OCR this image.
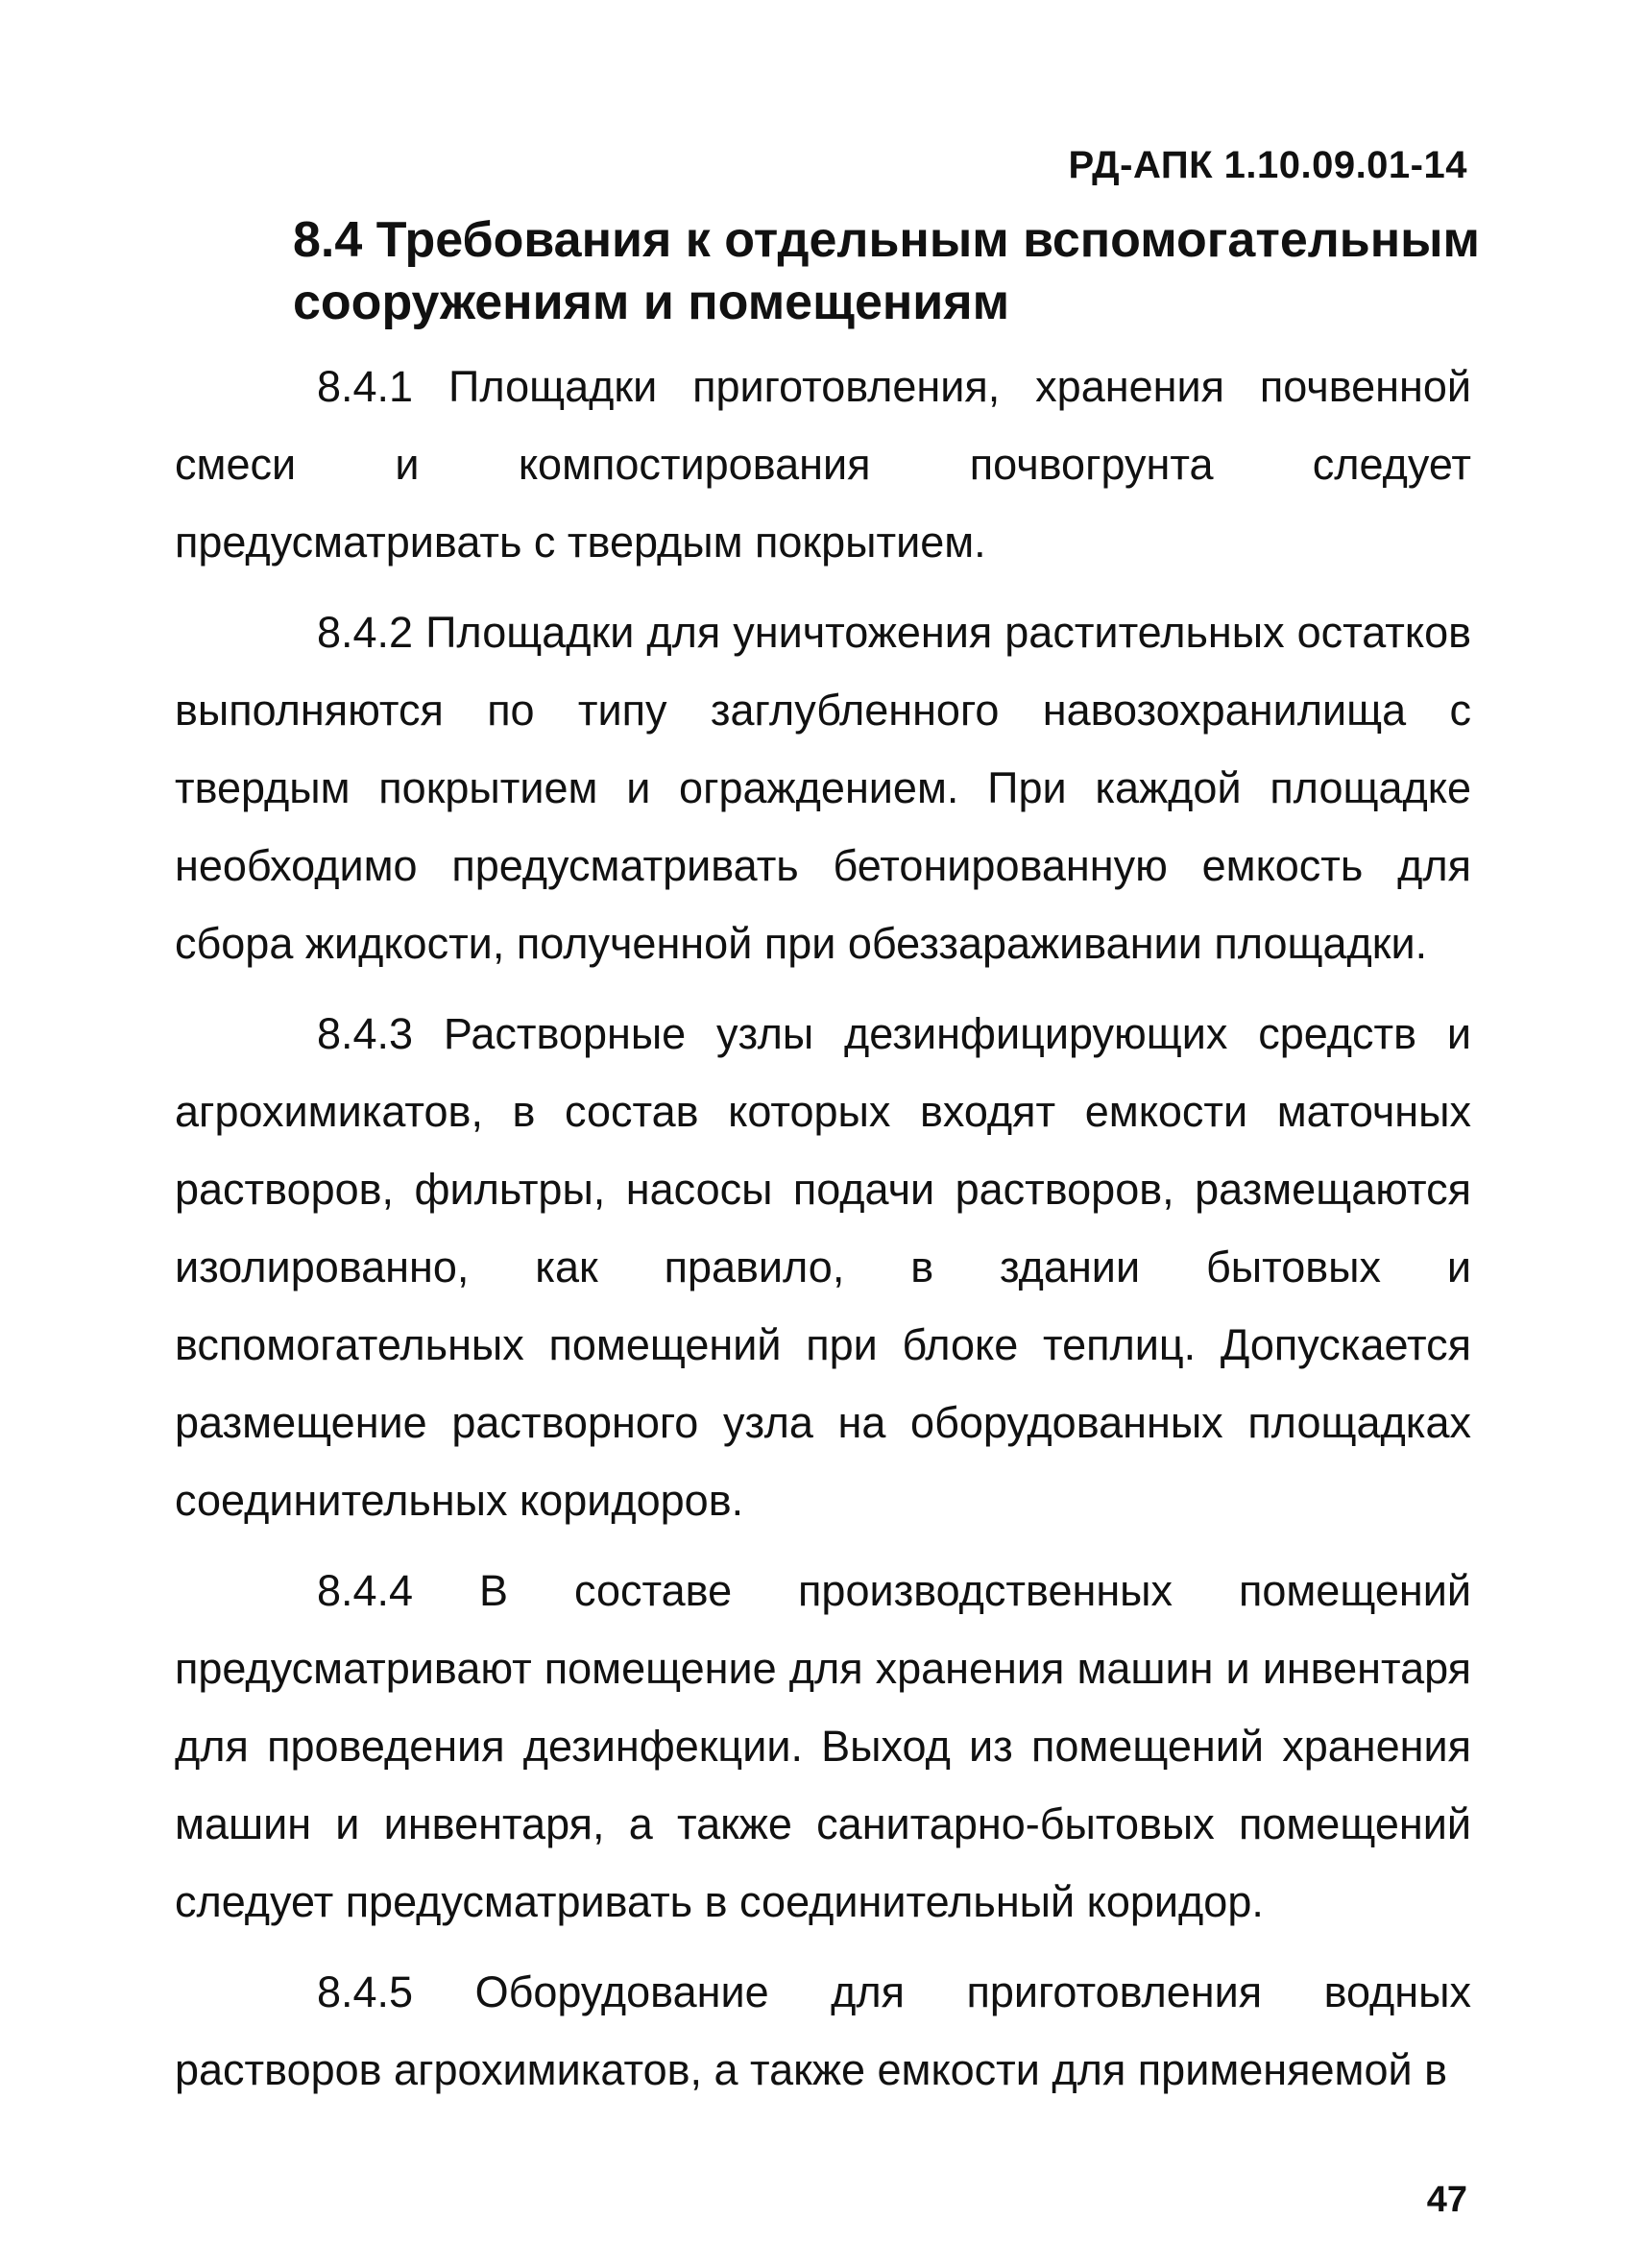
РД-АПК 1.10.09.01-14
8.4 Требования к отдельным вспомогательным сооружениям и помещениям

8.4.1 Площадки приготовления, хранения почвенной смеси и компостирования почвогрунта следует предусматривать с твердым покрытием.

8.4.2 Площадки для уничтожения растительных остатков выполняются по типу заглубленного навозохранилища с твердым покрытием и ограждением. При каждой площадке необходимо предусматривать бетонированную емкость для сбора жидкости, полученной при обеззараживании площадки.

8.4.3 Растворные узлы дезинфицирующих средств и агрохимикатов, в состав которых входят емкости маточных растворов, фильтры, насосы подачи растворов, размещаются изолированно, как правило, в здании бытовых и вспомогательных помещений при блоке теплиц. Допускается размещение растворного узла на оборудованных площадках соединительных коридоров.

8.4.4 В составе производственных помещений предусматривают помещение для хранения машин и инвентаря для проведения дезинфекции. Выход из помещений хранения машин и инвентаря, а также санитарно-бытовых помещений следует предусматривать в соединительный коридор.

8.4.5 Оборудование для приготовления водных растворов агрохимикатов, а также емкости для применяемой в

47
